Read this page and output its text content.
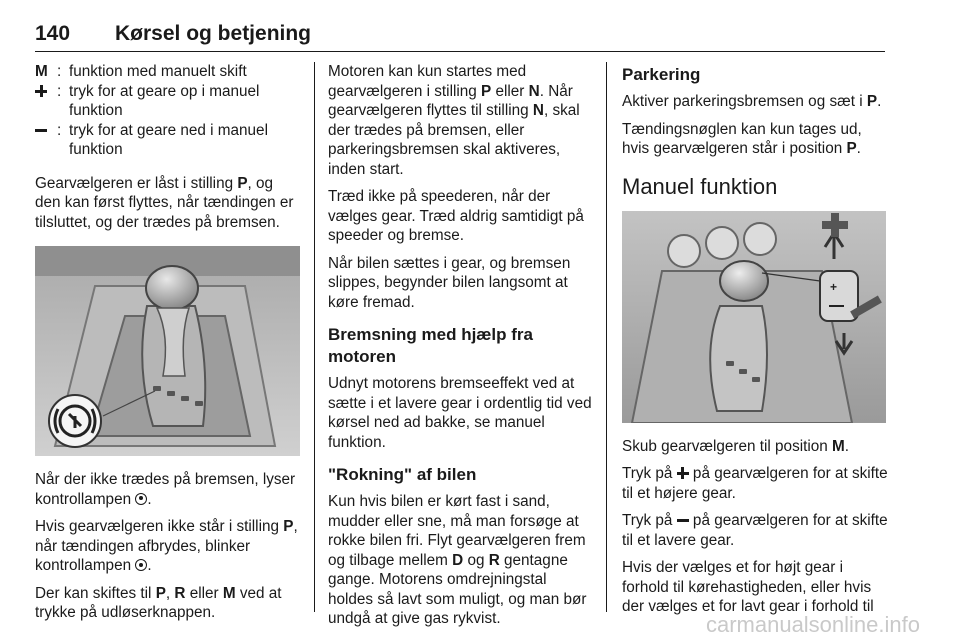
140 Kørsel og betjening
M : funktion med manuelt skift
: tryk for at geare op i manuel funktion
: tryk for at geare ned i manuel funktion

Gearvælgeren er låst i stilling P, og den kan først flyttes, når tændingen er tilsluttet, og der trædes på bremsen.

Når der ikke trædes på bremsen, lyser kontrollampen .

Hvis gearvælgeren ikke står i stilling P, når tændingen afbrydes, blinker kontrollampen .

Der kan skiftes til P, R eller M ved at trykke på udløserknappen.

Motoren kan kun startes med gearvælgeren i stilling P eller N. Når gearvælgeren flyttes til stilling N, skal der trædes på bremsen, eller parkeringsbremsen skal aktiveres, inden start.

Træd ikke på speederen, når der vælges gear. Træd aldrig samtidigt på speeder og bremse.

Når bilen sættes i gear, og bremsen slippes, begynder bilen langsomt at køre fremad.

Bremsning med hjælp fra motoren

Udnyt motorens bremseeffekt ved at sætte i et lavere gear i ordentlig tid ved kørsel ned ad bakke, se manuel funktion.

"Rokning" af bilen

Kun hvis bilen er kørt fast i sand, mudder eller sne, må man forsøge at rokke bilen fri. Flyt gearvælgeren frem og tilbage mellem D og R gentagne gange. Motorens omdrejningstal holdes så lavt som muligt, og man bør undgå at give gas rykvist.

Parkering

Aktiver parkeringsbremsen og sæt i P.

Tændingsnøglen kan kun tages ud, hvis gearvælgeren står i position P.

Manuel funktion
+

Skub gearvælgeren til position M.

Tryk på  på gearvælgeren for at skifte til et højere gear.

Tryk på  på gearvælgeren for at skifte til et lavere gear.

Hvis der vælges et for højt gear i forhold til kørehastigheden, eller hvis der vælges et for lavt gear i forhold til

carmanualsonline.info
